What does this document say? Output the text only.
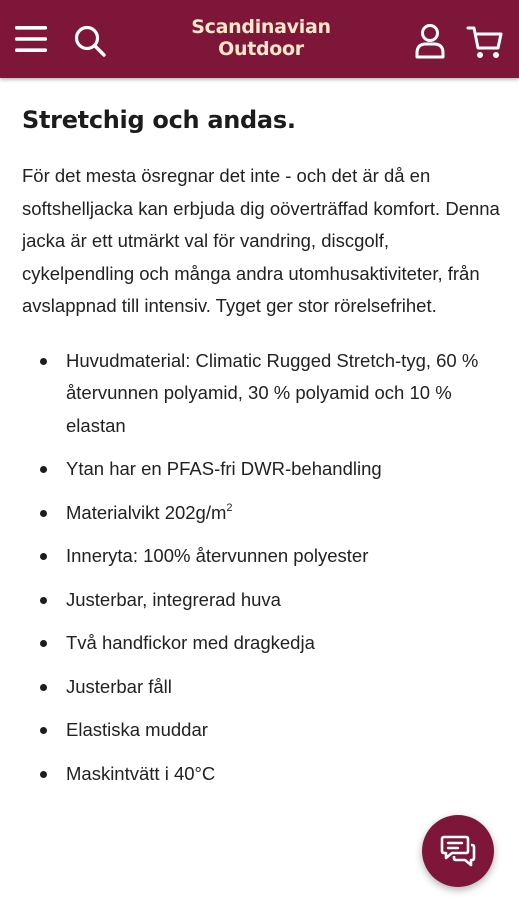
Scandinavian
Outdoor
Stretchig och andas.

För det mesta ösregnar det inte - och det är då en softshelljacka kan erbjuda dig oöverträffad komfort. Denna jacka är ett utmärkt val för vandring, discgolf, cykelpendling och många andra utomhusaktiviteter, från avslappnad till intensiv. Tyget ger stor rörelsefrihet.

Huvudmaterial: Climatic Rugged Stretch-tyg, 60 % återvunnen polyamid, 30 % polyamid och 10 % elastan
Ytan har en PFAS-fri DWR-behandling
Materialvikt $202g/m^2$
Inneryta: 100% återvunnen polyester
Justerbar, integrerad huva
Två handfickor med dragkedja
Justerbar fåll
Elastiska muddar
Maskintvätt i 40°C
